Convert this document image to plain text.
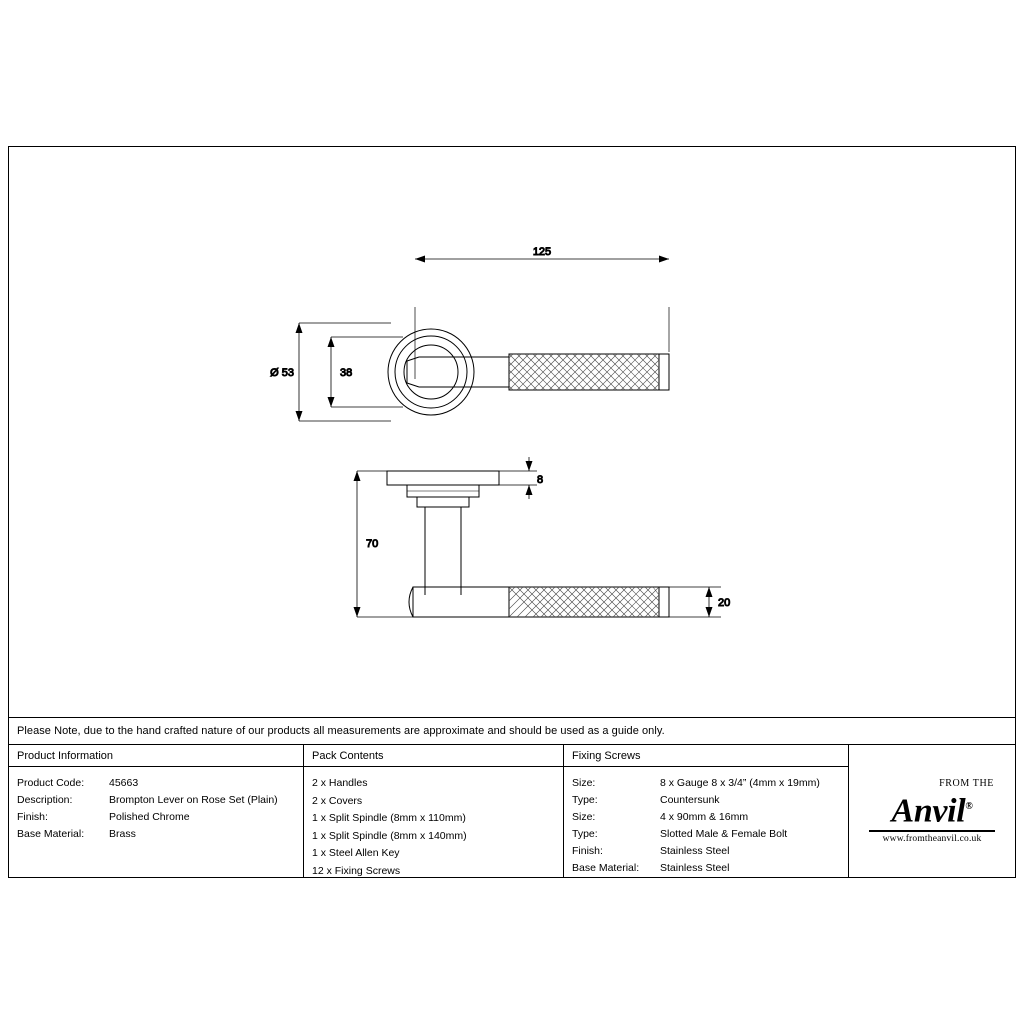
125
Ø 53	38
70
8
20
Please Note, due to the hand crafted nature of our products all measurements are approximate and should be used as a guide only.
Product Information
Product Code:	45663
Description:	Brompton Lever on Rose Set (Plain)
Finish:	Polished Chrome
Base Material:	Brass
Pack Contents
2 x Handles
2 x Covers
1 x Split Spindle (8mm x 110mm)
1 x Split Spindle (8mm x 140mm)
1 x Steel Allen Key
12 x Fixing Screws
Fixing Screws
Size:	8 x Gauge 8 x 3/4” (4mm x 19mm)
Type:	Countersunk
Size:	4 x 90mm & 16mm
Type:	Slotted Male & Female Bolt
Finish:	Stainless Steel
Base Material:	Stainless Steel
FROM THE
Anvil®
www.fromtheanvil.co.uk
